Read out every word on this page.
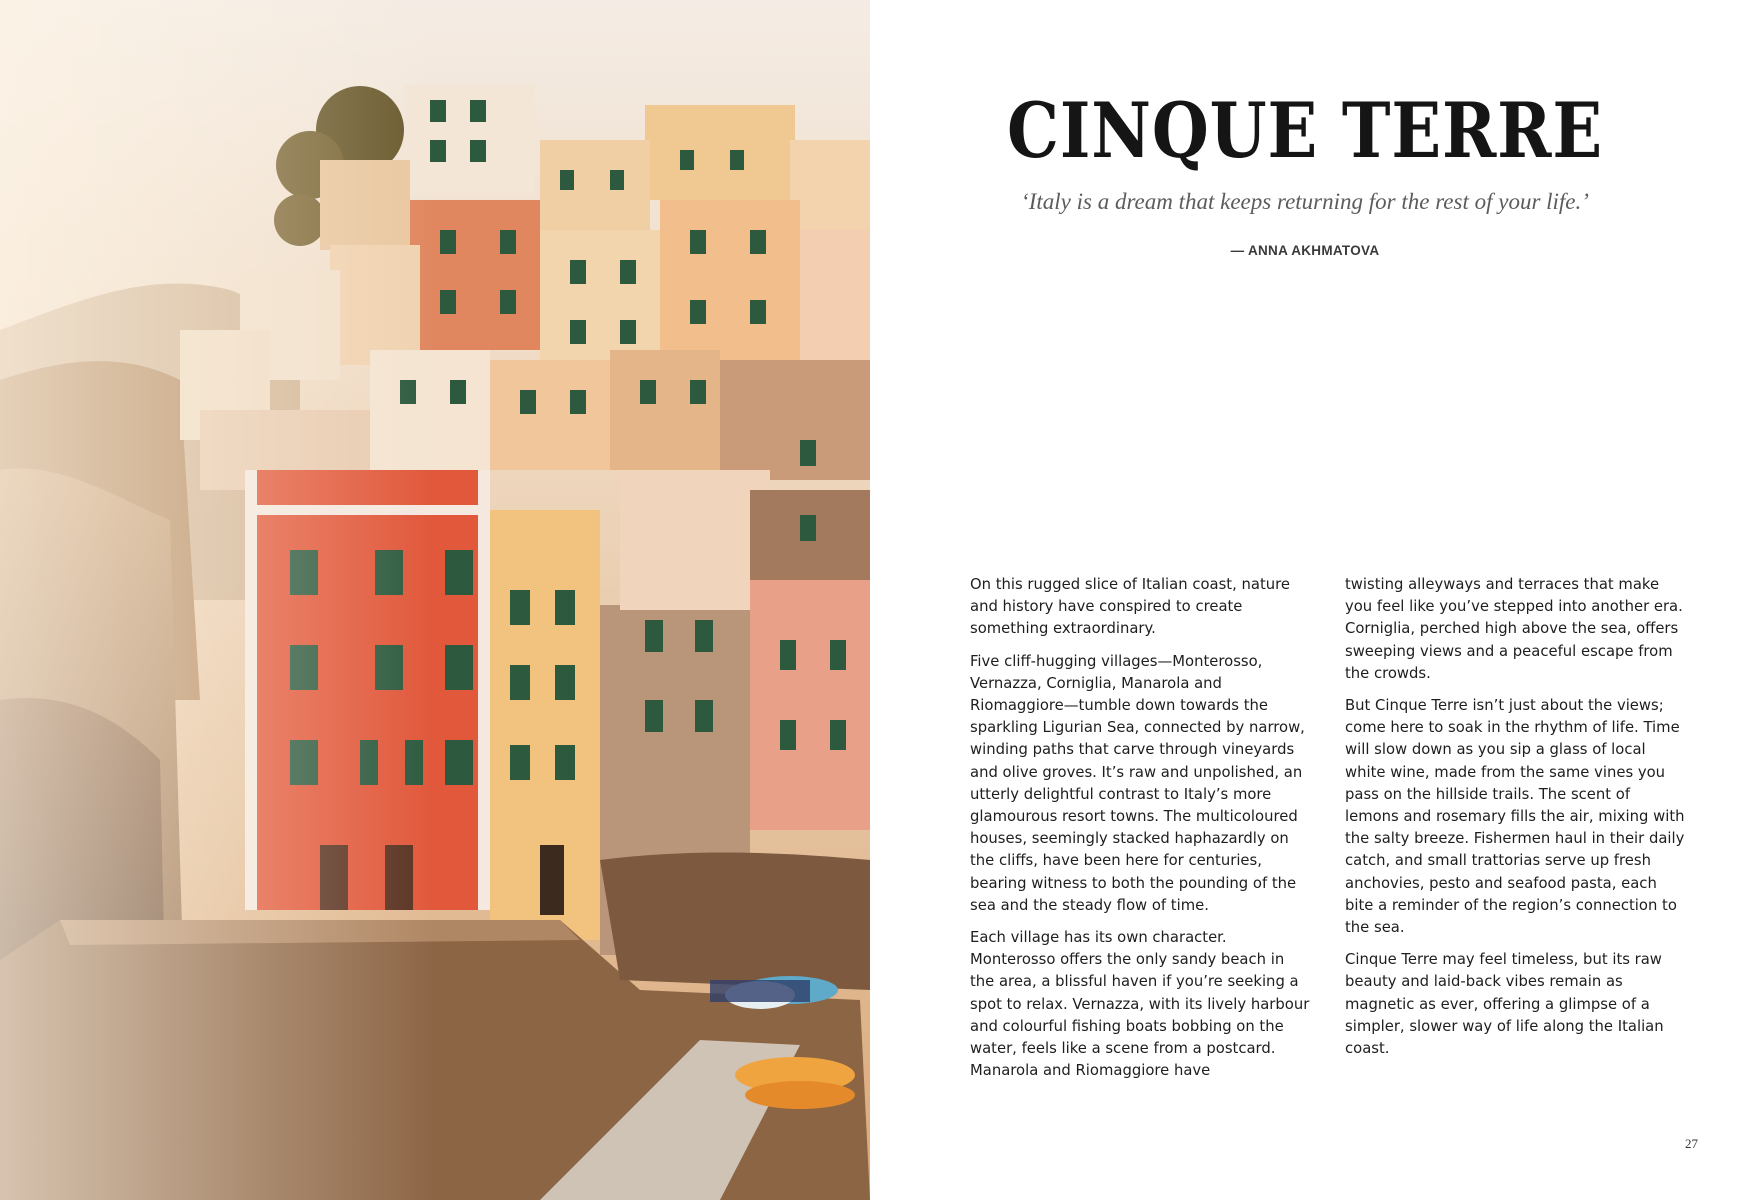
CINQUE TERRE

‘Italy is a dream that keeps returning for the rest of your life.’

— ANNA AKHMATOVA

On this rugged slice of Italian coast, nature and history have conspired to create something extraordinary.

Five cliff-hugging villages—Monterosso, Vernazza, Corniglia, Manarola and Riomaggiore—tumble down towards the sparkling Ligurian Sea, connected by narrow, winding paths that carve through vineyards and olive groves. It’s raw and unpolished, an utterly delightful contrast to Italy’s more glamourous resort towns. The multicoloured houses, seemingly stacked haphazardly on the cliffs, have been here for centuries, bearing witness to both the pounding of the sea and the steady flow of time.

Each village has its own character. Monterosso offers the only sandy beach in the area, a blissful haven if you’re seeking a spot to relax. Vernazza, with its lively harbour and colourful fishing boats bobbing on the water, feels like a scene from a postcard. Manarola and Riomaggiore have

twisting alleyways and terraces that make you feel like you’ve stepped into another era. Corniglia, perched high above the sea, offers sweeping views and a peaceful escape from the crowds.

But Cinque Terre isn’t just about the views; come here to soak in the rhythm of life. Time will slow down as you sip a glass of local white wine, made from the same vines you pass on the hillside trails. The scent of lemons and rosemary fills the air, mixing with the salty breeze. Fishermen haul in their daily catch, and small trattorias serve up fresh anchovies, pesto and seafood pasta, each bite a reminder of the region’s connection to the sea.

Cinque Terre may feel timeless, but its raw beauty and laid-back vibes remain as magnetic as ever, offering a glimpse of a simpler, slower way of life along the Italian coast.

27
